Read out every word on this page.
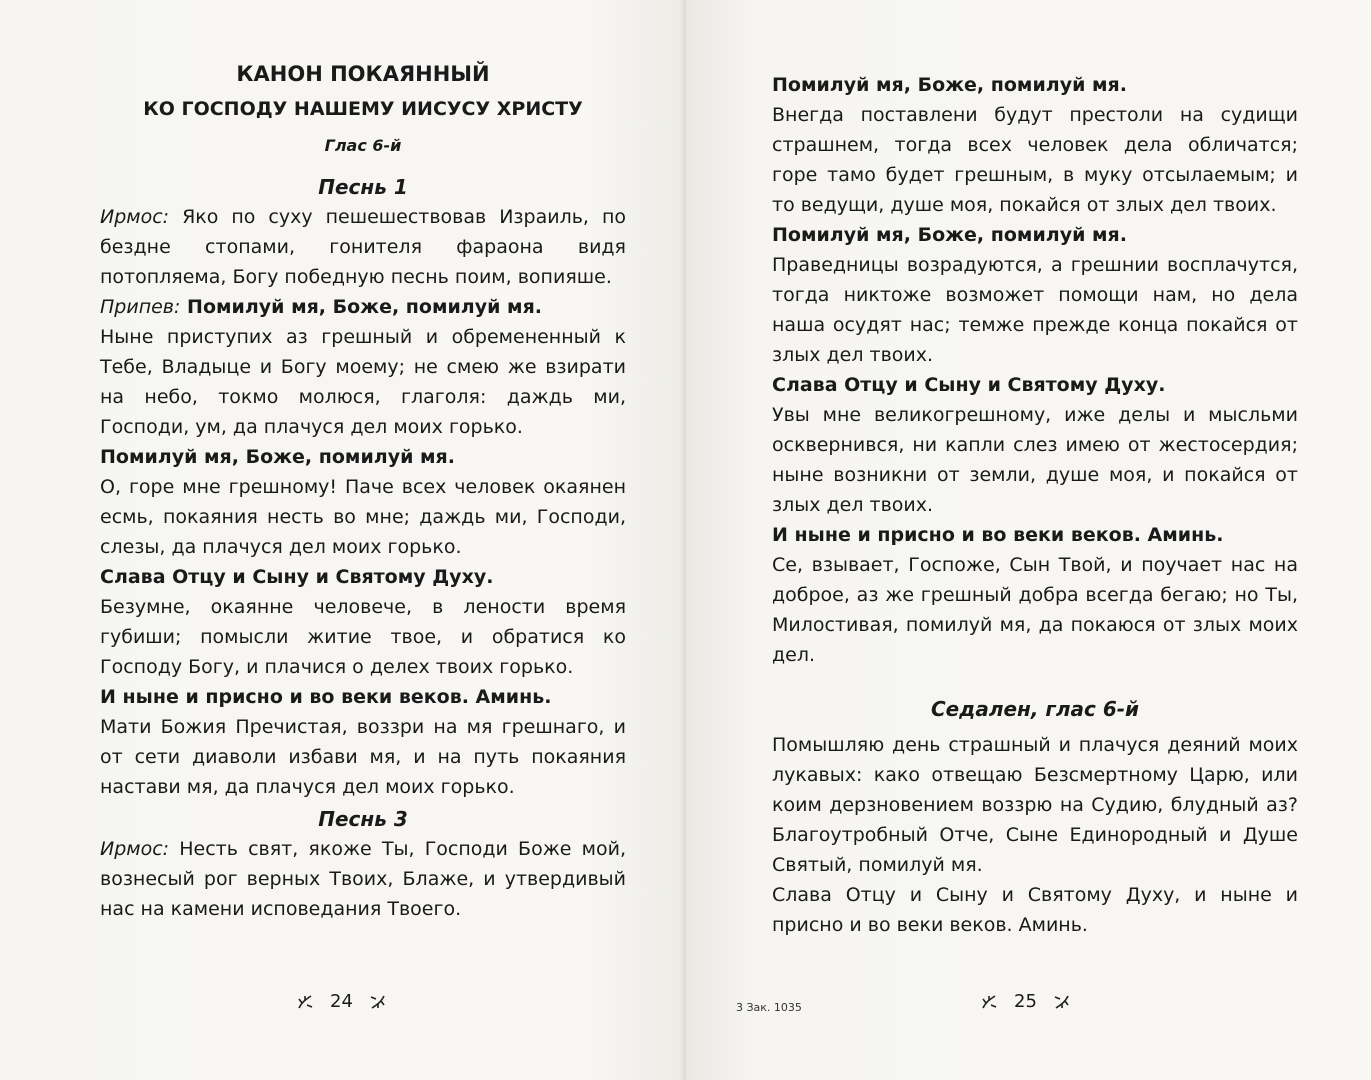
КАНОН ПОКАЯННЫЙ
КО ГОСПОДУ НАШЕМУ ИИСУСУ ХРИСТУ
Глас 6-й
Песнь 1

Ирмос: Яко по суху пешешествовав Израиль, по бездне стопами, гонителя фараона видя потопляема, Богу победную песнь поим, вопияше.

Припев: Помилуй мя, Боже, помилуй мя.

Ныне приступих аз грешный и обремененный к Тебе, Владыце и Богу моему; не смею же взирати на небо, токмо молюся, глаголя: даждь ми, Господи, ум, да плачуся дел моих горько.

Помилуй мя, Боже, помилуй мя.

О, горе мне грешному! Паче всех человек окаянен есмь, покаяния несть во мне; даждь ми, Господи, слезы, да плачуся дел моих горько.

Слава Отцу и Сыну и Святому Духу.

Безумне, окаянне человече, в лености время губиши; помысли житие твое, и обратися ко Господу Богу, и плачися о делех твоих горько.

И ныне и присно и во веки веков. Аминь.

Мати Божия Пречистая, воззри на мя грешнаго, и от сети диаволи избави мя, и на путь покаяния настави мя, да плачуся дел моих горько.

Песнь 3

Ирмос: Несть свят, якоже Ты, Господи Боже мой, вознесый рог верных Твоих, Блаже, и утвердивый нас на камени исповедания Твоего.

24

Помилуй мя, Боже, помилуй мя.

Внегда поставлени будут престоли на судищи страшнем, тогда всех человек дела обличатся; горе тамо будет грешным, в муку отсылаемым; и то ведущи, душе моя, покайся от злых дел твоих.

Помилуй мя, Боже, помилуй мя.

Праведницы возрадуются, а грешнии восплачутся, тогда никтоже возможет помощи нам, но дела наша осудят нас; темже прежде конца покайся от злых дел твоих.

Слава Отцу и Сыну и Святому Духу.

Увы мне великогрешному, иже делы и мысльми осквернився, ни капли слез имею от жестосердия; ныне возникни от земли, душе моя, и покайся от злых дел твоих.

И ныне и присно и во веки веков. Аминь.

Се, взывает, Госпоже, Сын Твой, и поучает нас на доброе, аз же грешный добра всегда бегаю; но Ты, Милостивая, помилуй мя, да покаюся от злых моих дел.

Седален, глас 6-й

Помышляю день страшный и плачуся деяний моих лукавых: како отвещаю Безсмертному Царю, или коим дерзновением воззрю на Судию, блудный аз? Благоутробный Отче, Сыне Единородный и Душе Святый, помилуй мя.

Слава Отцу и Сыну и Святому Духу, и ныне и присно и во веки веков. Аминь.

3 Зак. 1035	25
